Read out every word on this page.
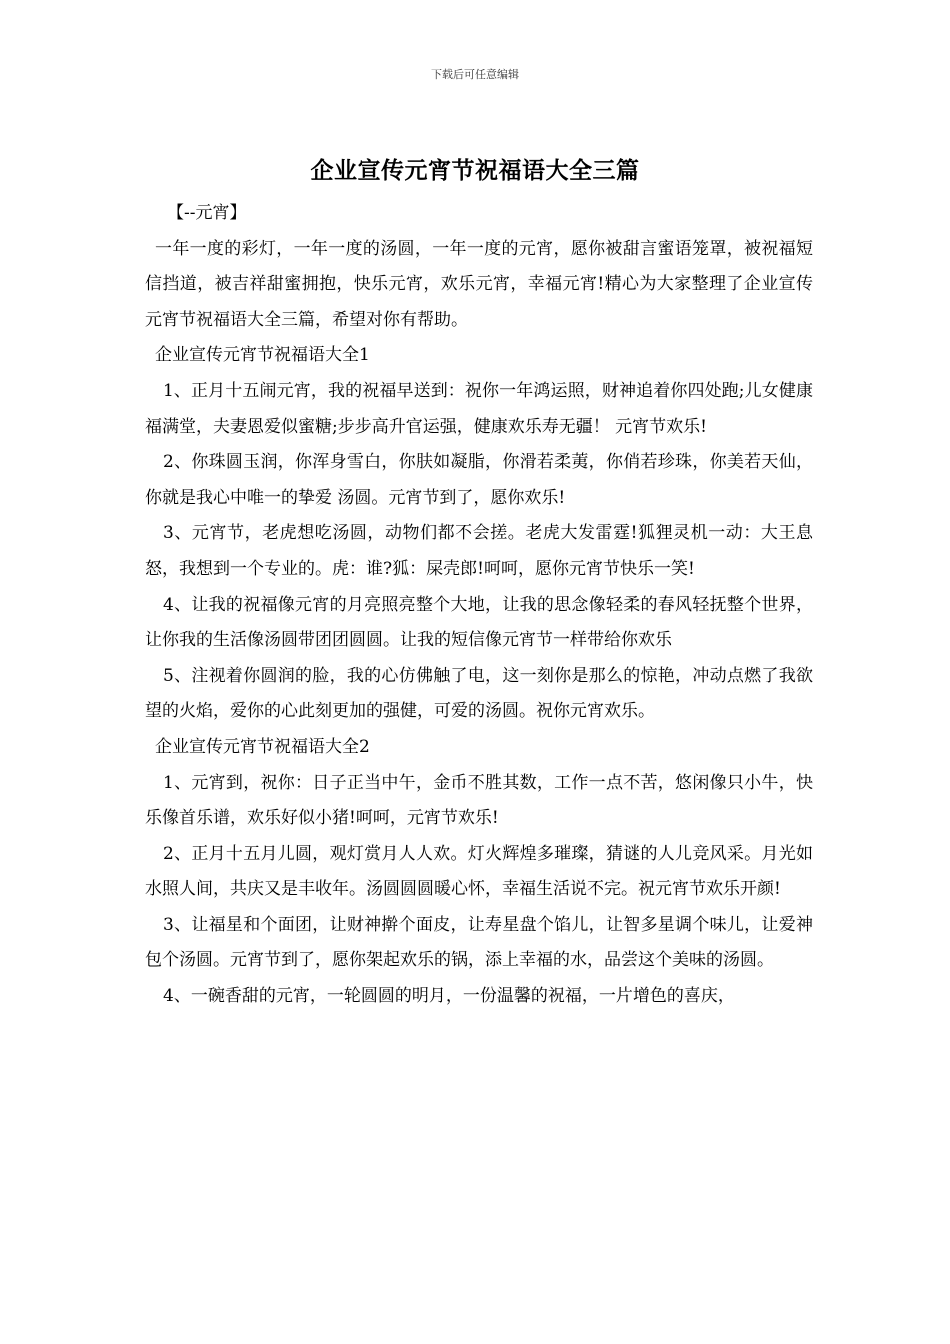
下载后可任意编辑
企业宣传元宵节祝福语大全三篇

【--元宵】

一年一度的彩灯，一年一度的汤圆，一年一度的元宵，愿你被甜言蜜语笼罩，被祝福短信挡道，被吉祥甜蜜拥抱，快乐元宵，欢乐元宵，幸福元宵!精心为大家整理了企业宣传元宵节祝福语大全三篇，希望对你有帮助。

企业宣传元宵节祝福语大全1

1、正月十五闹元宵，我的祝福早送到：祝你一年鸿运照，财神追着你四处跑;儿女健康福满堂，夫妻恩爱似蜜糖;步步高升官运强，健康欢乐寿无疆！ 元宵节欢乐!

2、你珠圆玉润，你浑身雪白，你肤如凝脂，你滑若柔荑，你俏若珍珠，你美若天仙，你就是我心中唯一的挚爱 汤圆。元宵节到了，愿你欢乐!

3、元宵节，老虎想吃汤圆，动物们都不会搓。老虎大发雷霆!狐狸灵机一动：大王息怒，我想到一个专业的。虎：谁?狐：屎壳郎!呵呵，愿你元宵节快乐一笑!

4、让我的祝福像元宵的月亮照亮整个大地，让我的思念像轻柔的春风轻抚整个世界，让你我的生活像汤圆带团团圆圆。让我的短信像元宵节一样带给你欢乐

5、注视着你圆润的脸，我的心仿佛触了电，这一刻你是那么的惊艳，冲动点燃了我欲望的火焰，爱你的心此刻更加的强健，可爱的汤圆。祝你元宵欢乐。

企业宣传元宵节祝福语大全2

1、元宵到，祝你：日子正当中午，金币不胜其数，工作一点不苦，悠闲像只小牛，快乐像首乐谱，欢乐好似小猪!呵呵，元宵节欢乐!

2、正月十五月儿圆，观灯赏月人人欢。灯火辉煌多璀璨，猜谜的人儿竞风采。月光如水照人间，共庆又是丰收年。汤圆圆圆暖心怀，幸福生活说不完。祝元宵节欢乐开颜!

3、让福星和个面团，让财神擀个面皮，让寿星盘个馅儿，让智多星调个味儿，让爱神包个汤圆。元宵节到了，愿你架起欢乐的锅，添上幸福的水，品尝这个美味的汤圆。

4、一碗香甜的元宵，一轮圆圆的明月，一份温馨的祝福，一片增色的喜庆，
